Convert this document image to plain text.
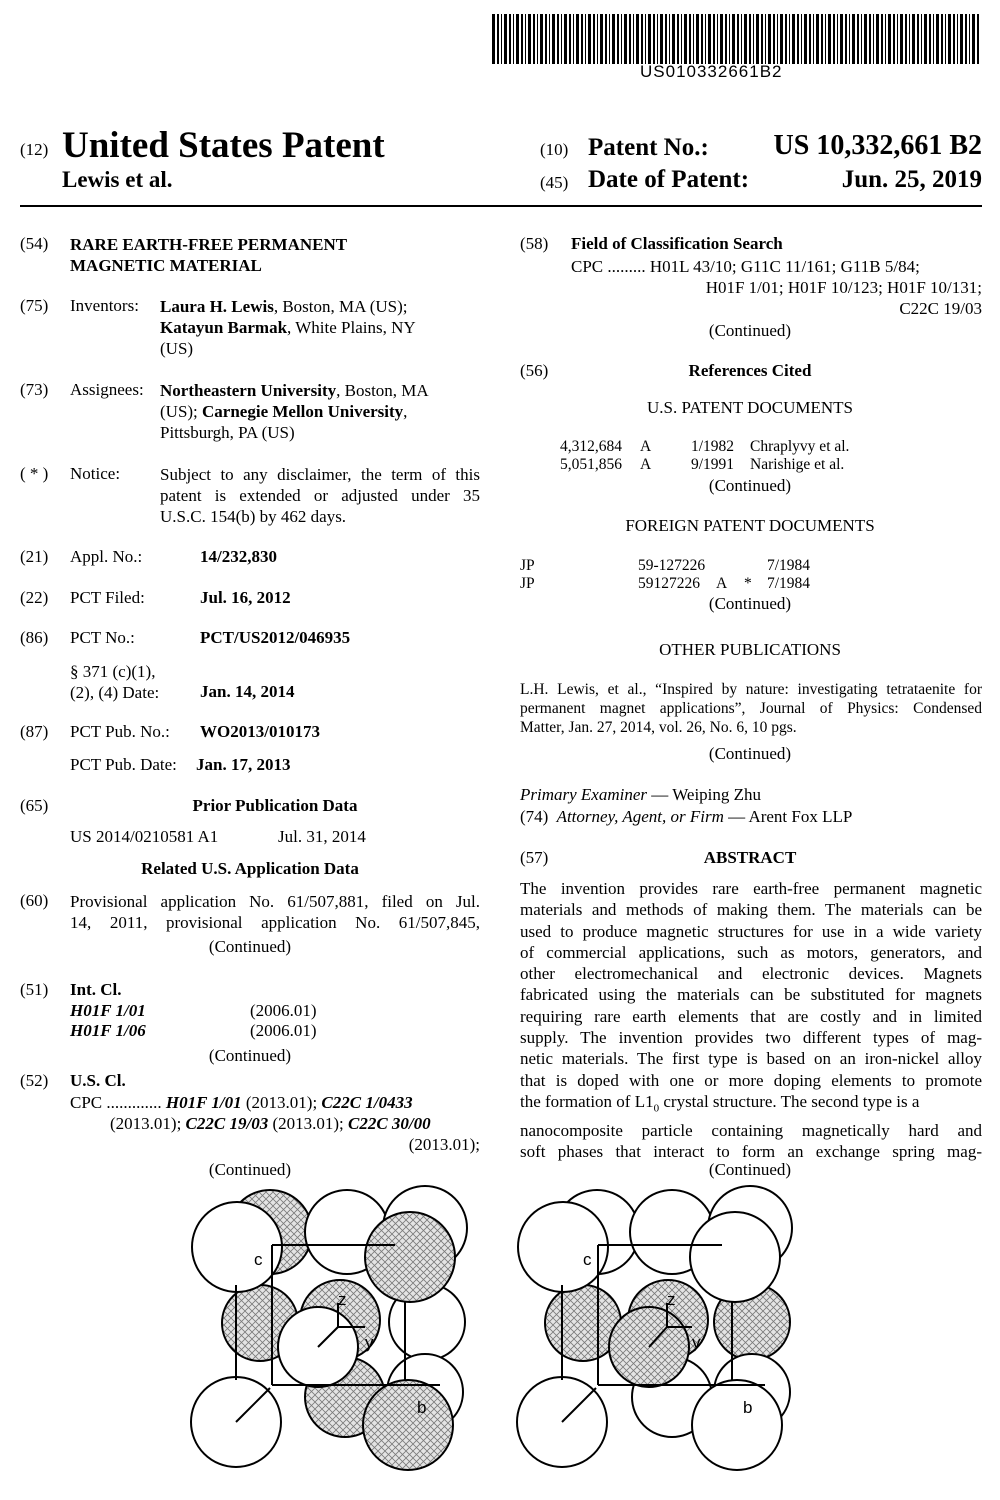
US010332661B2
(12) United States Patent
Lewis et al.
(10) Patent No.:	US 10,332,661 B2
(45) Date of Patent:	Jun. 25, 2019
(54) RARE EARTH-FREE PERMANENT
MAGNETIC MATERIAL
(75) Inventors: Laura H. Lewis, Boston, MA (US);
Katayun Barmak, White Plains, NY
(US)
(73) Assignees: Northeastern University, Boston, MA
(US); Carnegie Mellon University,
Pittsburgh, PA (US)
( * ) Notice: Subject to any disclaimer, the term of this
patent is extended or adjusted under 35
U.S.C. 154(b) by 462 days.
(21) Appl. No.:	14/232,830
(22) PCT Filed:	Jul. 16, 2012
(86) PCT No.:	PCT/US2012/046935
§ 371 (c)(1),
(2), (4) Date: Jan. 14, 2014
(87) PCT Pub. No.: WO2013/010173
PCT Pub. Date: Jan. 17, 2013
(65)	Prior Publication Data
US 2014/0210581 A1	Jul. 31, 2014
Related U.S. Application Data
(60) Provisional application No. 61/507,881, filed on Jul.
14, 2011, provisional application No. 61/507,845,
(Continued)
(51) Int. Cl.
H01F 1/01	(2006.01)
H01F 1/06	(2006.01)
(Continued)
(52) U.S. Cl.
CPC ............. H01F 1/01 (2013.01); C22C 1/0433
(2013.01); C22C 19/03 (2013.01); C22C 30/00
(2013.01);
(Continued)
(58) Field of Classification Search
CPC ......... H01L 43/10; G11C 11/161; G11B 5/84;
H01F 1/01; H01F 10/123; H01F 10/131;
C22C 19/03
(Continued)
(56)	References Cited
U.S. PATENT DOCUMENTS
4,312,684 A	1/1982 Chraplyvy et al.
5,051,856 A	9/1991 Narishige et al.
(Continued)
FOREIGN PATENT DOCUMENTS
JP	59-127226	7/1984
JP	59127226 A * 7/1984
(Continued)
OTHER PUBLICATIONS
L.H. Lewis, et al., “Inspired by nature: investigating tetrataenite for
permanent magnet applications”, Journal of Physics: Condensed
Matter, Jan. 27, 2014, vol. 26, No. 6, 10 pgs.
(Continued)
Primary Examiner — Weiping Zhu
(74) Attorney, Agent, or Firm — Arent Fox LLP
(57)	ABSTRACT
The invention provides rare earth-free permanent magnetic
materials and methods of making them. The materials can be
used to produce magnetic structures for use in a wide variety
of commercial applications, such as motors, generators, and
other electromechanical and electronic devices. Magnets
fabricated using the materials can be substituted for magnets
requiring rare earth elements that are costly and in limited
supply. The invention provides two different types of mag-
netic materials. The first type is based on an iron-nickel alloy
that is doped with one or more doping elements to promote
the formation of $L1_0$ crystal structure. The second type is a
nanocomposite particle containing magnetically hard and
soft phases that interact to form an exchange spring mag-
(Continued)
c
z
y
b
c
z
y
b
